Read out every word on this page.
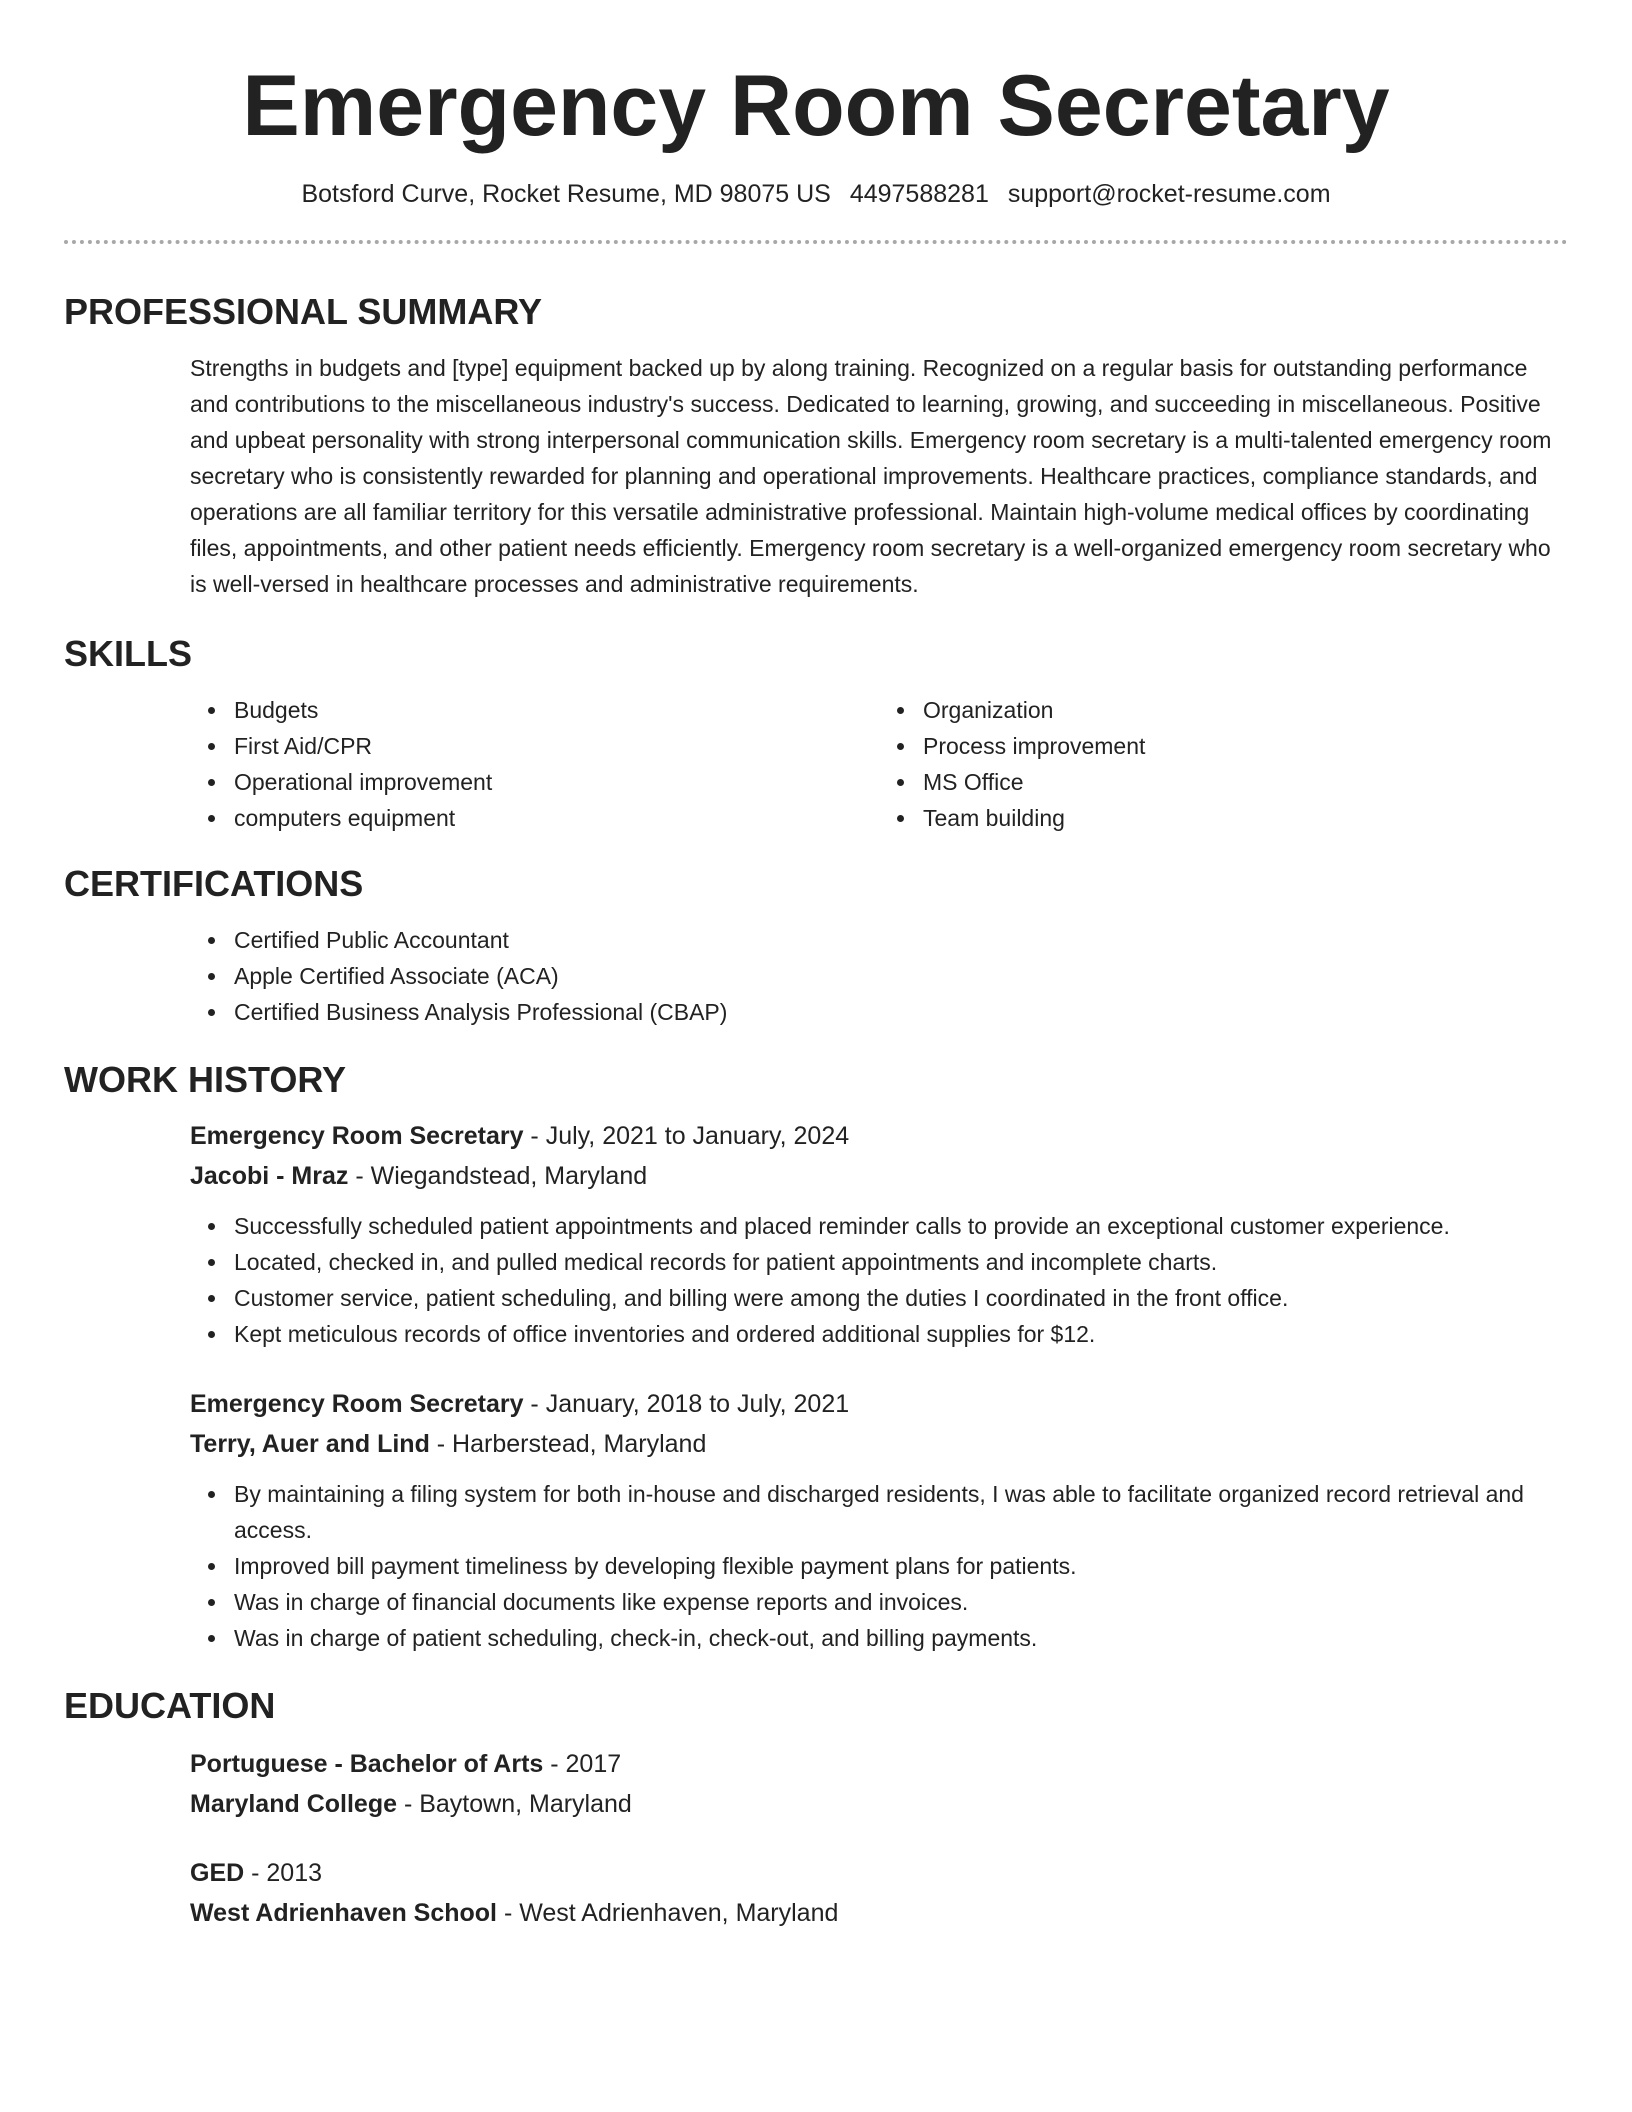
Emergency Room Secretary
Botsford Curve, Rocket Resume, MD 98075 US 4497588281 support@rocket-resume.com
PROFESSIONAL SUMMARY

Strengths in budgets and [type] equipment backed up by along training. Recognized on a regular basis for outstanding performance and contributions to the miscellaneous industry's success. Dedicated to learning, growing, and succeeding in miscellaneous. Positive and upbeat personality with strong interpersonal communication skills. Emergency room secretary is a multi-talented emergency room secretary who is consistently rewarded for planning and operational improvements. Healthcare practices, compliance standards, and operations are all familiar territory for this versatile administrative professional. Maintain high-volume medical offices by coordinating files, appointments, and other patient needs efficiently. Emergency room secretary is a well-organized emergency room secretary who is well-versed in healthcare processes and administrative requirements.

SKILLS
Budgets
First Aid/CPR
Operational improvement
computers equipment
Organization
Process improvement
MS Office
Team building
CERTIFICATIONS
Certified Public Accountant
Apple Certified Associate (ACA)
Certified Business Analysis Professional (CBAP)
WORK HISTORY
Emergency Room Secretary - July, 2021 to January, 2024
Jacobi - Mraz - Wiegandstead, Maryland
Successfully scheduled patient appointments and placed reminder calls to provide an exceptional customer experience.
Located, checked in, and pulled medical records for patient appointments and incomplete charts.
Customer service, patient scheduling, and billing were among the duties I coordinated in the front office.
Kept meticulous records of office inventories and ordered additional supplies for $12.
Emergency Room Secretary - January, 2018 to July, 2021
Terry, Auer and Lind - Harberstead, Maryland
By maintaining a filing system for both in-house and discharged residents, I was able to facilitate organized record retrieval and access.
Improved bill payment timeliness by developing flexible payment plans for patients.
Was in charge of financial documents like expense reports and invoices.
Was in charge of patient scheduling, check-in, check-out, and billing payments.
EDUCATION
Portuguese - Bachelor of Arts - 2017
Maryland College - Baytown, Maryland
GED - 2013
West Adrienhaven School - West Adrienhaven, Maryland
